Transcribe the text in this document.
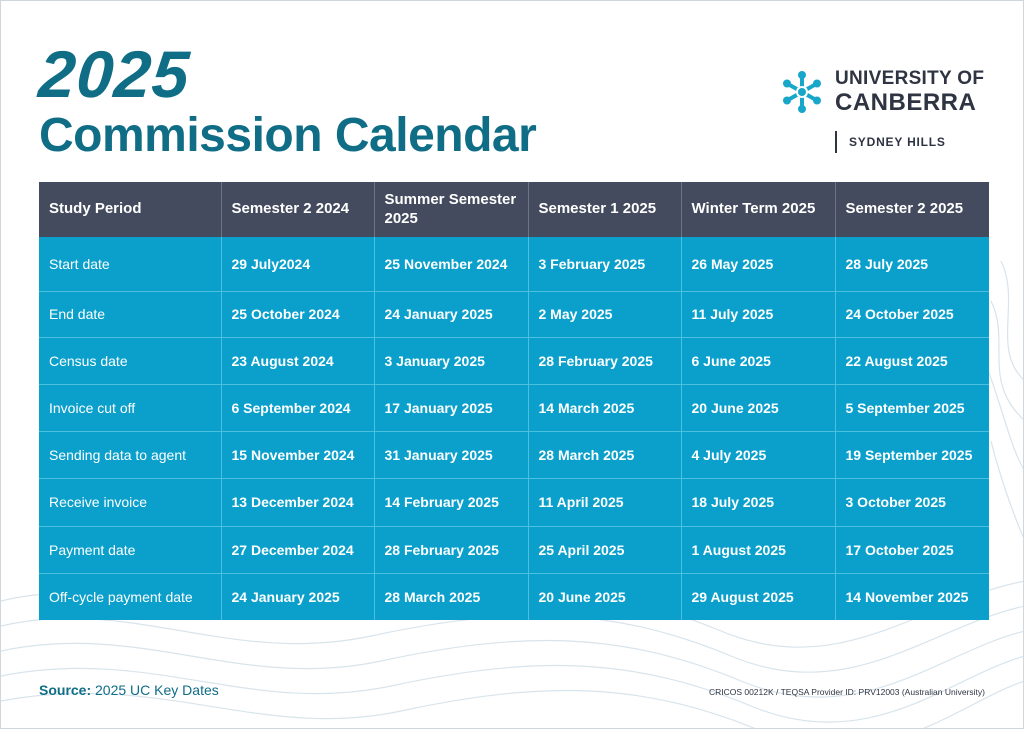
2025
Commission Calendar

UNIVERSITY OF

CANBERRA

SYDNEY HILLS

Study Period	Semester 2 2024	Summer Semester 2025	Semester 1 2025	Winter Term 2025	Semester 2 2025
Start date	29 July2024	25 November 2024	3 February 2025	26 May 2025	28 July 2025
End date	25 October 2024	24 January 2025	2 May 2025	11 July 2025	24 October 2025
Census date	23 August 2024	3 January 2025	28 February 2025	6 June 2025	22 August 2025
Invoice cut off	6 September 2024	17 January 2025	14 March 2025	20 June 2025	5 September 2025
Sending data to agent	15 November 2024	31 January 2025	28 March 2025	4 July 2025	19 September 2025
Receive invoice	13 December 2024	14 February 2025	11 April 2025	18 July 2025	3 October 2025
Payment date	27 December 2024	28 February 2025	25 April 2025	1 August 2025	17 October 2025
Off-cycle payment date	24 January 2025	28 March 2025	20 June 2025	29 August 2025	14 November 2025

Source: 2025 UC Key Dates	CRICOS 00212K / TEQSA Provider ID: PRV12003 (Australian University)
